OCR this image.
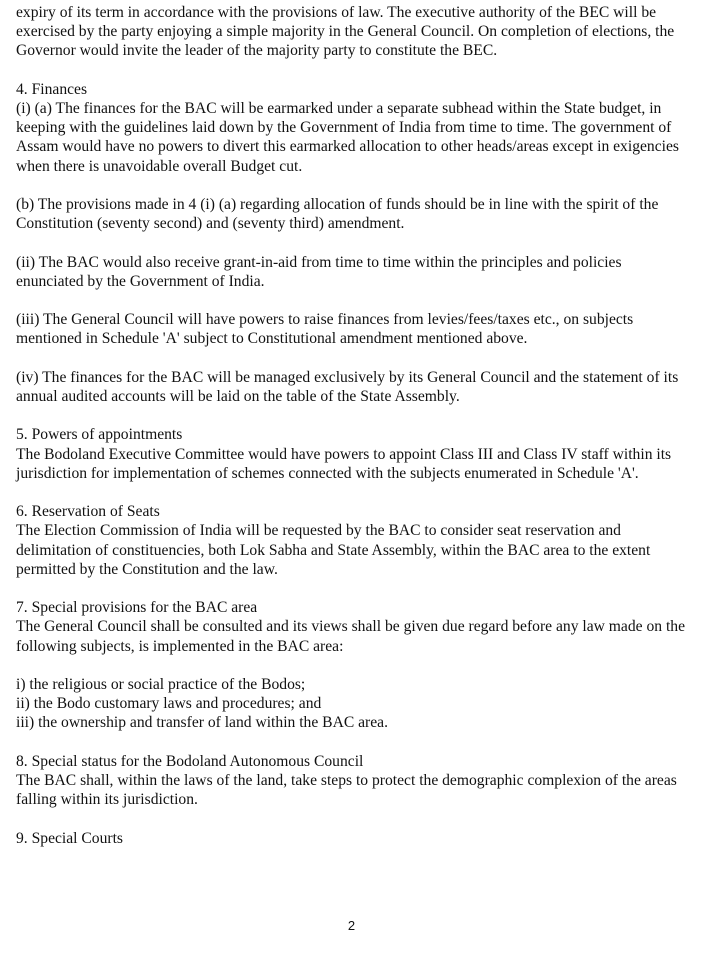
expiry of its term in accordance with the provisions of law. The executive authority of the BEC will be exercised by the party enjoying a simple majority in the General Council. On completion of elections, the Governor would invite the leader of the majority party to constitute the BEC.

4. Finances

(i) (a) The finances for the BAC will be earmarked under a separate subhead within the State budget, in keeping with the guidelines laid down by the Government of India from time to time. The government of Assam would have no powers to divert this earmarked allocation to other heads/areas except in exigencies when there is unavoidable overall Budget cut.

(b) The provisions made in 4 (i) (a) regarding allocation of funds should be in line with the spirit of the Constitution (seventy second) and (seventy third) amendment.

(ii) The BAC would also receive grant-in-aid from time to time within the principles and policies enunciated by the Government of India.

(iii) The General Council will have powers to raise finances from levies/fees/taxes etc., on subjects mentioned in Schedule 'A' subject to Constitutional amendment mentioned above.

(iv) The finances for the BAC will be managed exclusively by its General Council and the statement of its annual audited accounts will be laid on the table of the State Assembly.

5. Powers of appointments

The Bodoland Executive Committee would have powers to appoint Class III and Class IV staff within its jurisdiction for implementation of schemes connected with the subjects enumerated in Schedule 'A'.

6. Reservation of Seats

The Election Commission of India will be requested by the BAC to consider seat reservation and delimitation of constituencies, both Lok Sabha and State Assembly, within the BAC area to the extent permitted by the Constitution and the law.

7. Special provisions for the BAC area

The General Council shall be consulted and its views shall be given due regard before any law made on the following subjects, is implemented in the BAC area:

i) the religious or social practice of the Bodos;
ii) the Bodo customary laws and procedures; and
iii) the ownership and transfer of land within the BAC area.
8. Special status for the Bodoland Autonomous Council

The BAC shall, within the laws of the land, take steps to protect the demographic complexion of the areas falling within its jurisdiction.

9. Special Courts
2
